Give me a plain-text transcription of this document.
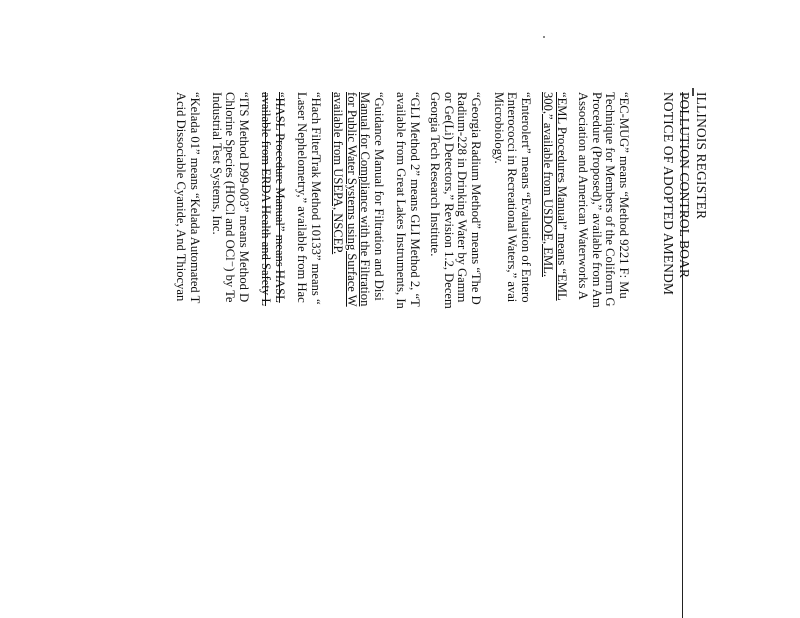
ILLINOIS REGISTER
POLLUTION CONTROL BOAR
NOTICE OF ADOPTED AMENDM
“EC-MUG” means “Method 9221 F: Mu
Technique for Members of the Coliform G
Procedure (Proposed),” available from Am
Association and American Waterworks A
“EML Procedures Manual” means “EML
300,” available from USDOE, EML.
“Enterolert” means “Evaluation of Entero
Enterococci in Recreational Waters,” avai
Microbiology.
“Georgia Radium Method” means “The D
Radium-228 in Drinking Water by Gamm
or Ge(Li) Detectors,” Revision 1.2, Decem
Georgia Tech Research Institute.
“GLI Method 2” means GLI Method 2, “T
available from Great Lakes Instruments, In
“Guidance Manual for Filtration and Disi
Manual for Compliance with the Filtration
for Public Water Systems using Surface W
available from USEPA, NSCEP.
“Hach FilterTrak Method 10133” means “
Laser Nephelometry,” available from Hac
“HASL Procedure Manual” means HASL
available from ERDA Health and Safety L
“ITS Method D99-003” means Method D
Chlorine Species (HOCl and OCl⁻) by Te
Industrial Test Systems, Inc.
“Kelada 01” means “Kelada Automated T
Acid Dissociable Cyanide, And Thiocyan
